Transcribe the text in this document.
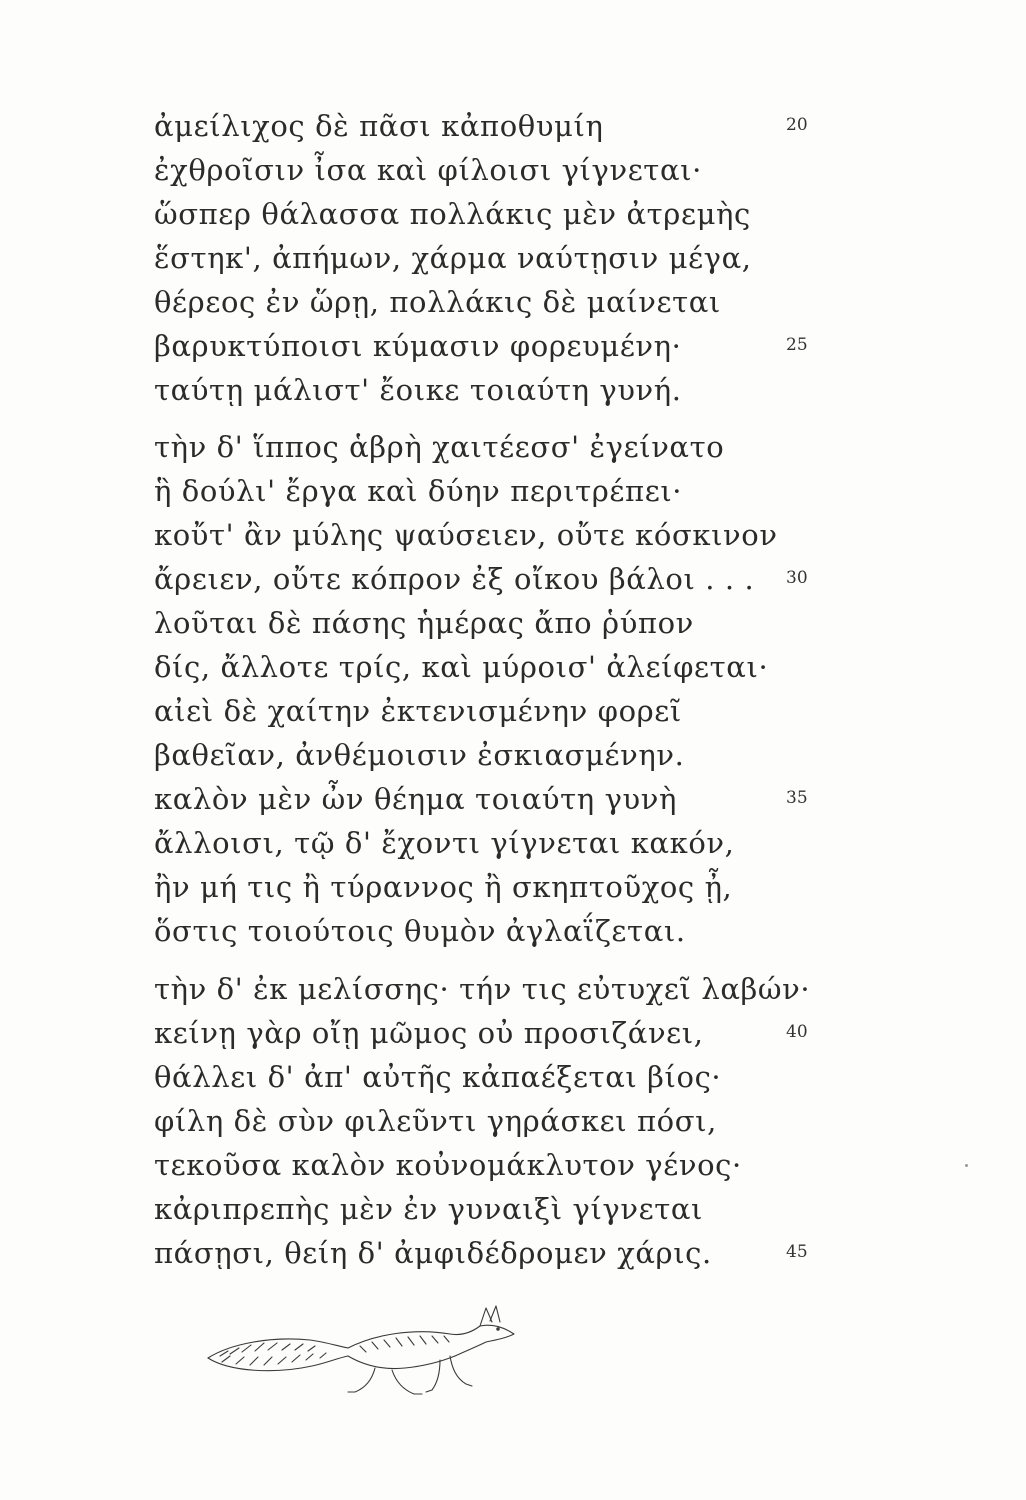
ἀμείλιχος δὲ πᾶσι κἀποθυμίη
ἐχθροῖσιν ἶσα καὶ φίλοισι γίγνεται·
ὥσπερ θάλασσα πολλάκις μὲν ἀτρεμὴς
ἕστηκ', ἀπήμων, χάρμα ναύτῃσιν μέγα,
θέρεος ἐν ὥρῃ, πολλάκις δὲ μαίνεται
βαρυκτύποισι κύμασιν φορευμένη·
ταύτῃ μάλιστ' ἔοικε τοιαύτη γυνή.
τὴν δ' ἵππος ἁβρὴ χαιτέεσσ' ἐγείνατο
ἣ δούλι' ἔργα καὶ δύην περιτρέπει·
κοὔτ' ἂν μύλης ψαύσειεν, οὔτε κόσκινον
ἄρειεν, οὔτε κόπρον ἐξ οἴκου βάλοι . . .
λοῦται δὲ πάσης ἡμέρας ἄπο ῥύπον
δίς, ἄλλοτε τρίς, καὶ μύροισ' ἀλείφεται·
αἰεὶ δὲ χαίτην ἐκτενισμένην φορεῖ
βαθεῖαν, ἀνθέμοισιν ἐσκιασμένην.
καλὸν μὲν ὦν θέημα τοιαύτη γυνὴ
ἄλλοισι, τῷ δ' ἔχοντι γίγνεται κακόν,
ἢν μή τις ἢ τύραννος ἢ σκηπτοῦχος ᾖ,
ὅστις τοιούτοις θυμὸν ἀγλαΐζεται.
τὴν δ' ἐκ μελίσσης· τήν τις εὐτυχεῖ λαβών·
κείνῃ γὰρ οἴῃ μῶμος οὐ προσιζάνει,
θάλλει δ' ἀπ' αὐτῆς κἀπαέξεται βίος·
φίλη δὲ σὺν φιλεῦντι γηράσκει πόσι,
τεκοῦσα καλὸν κοὐνομάκλυτον γένος·
κἀριπρεπὴς μὲν ἐν γυναιξὶ γίγνεται
πάσῃσι, θείη δ' ἀμφιδέδρομεν χάρις.
20
25
30
35
40
45
